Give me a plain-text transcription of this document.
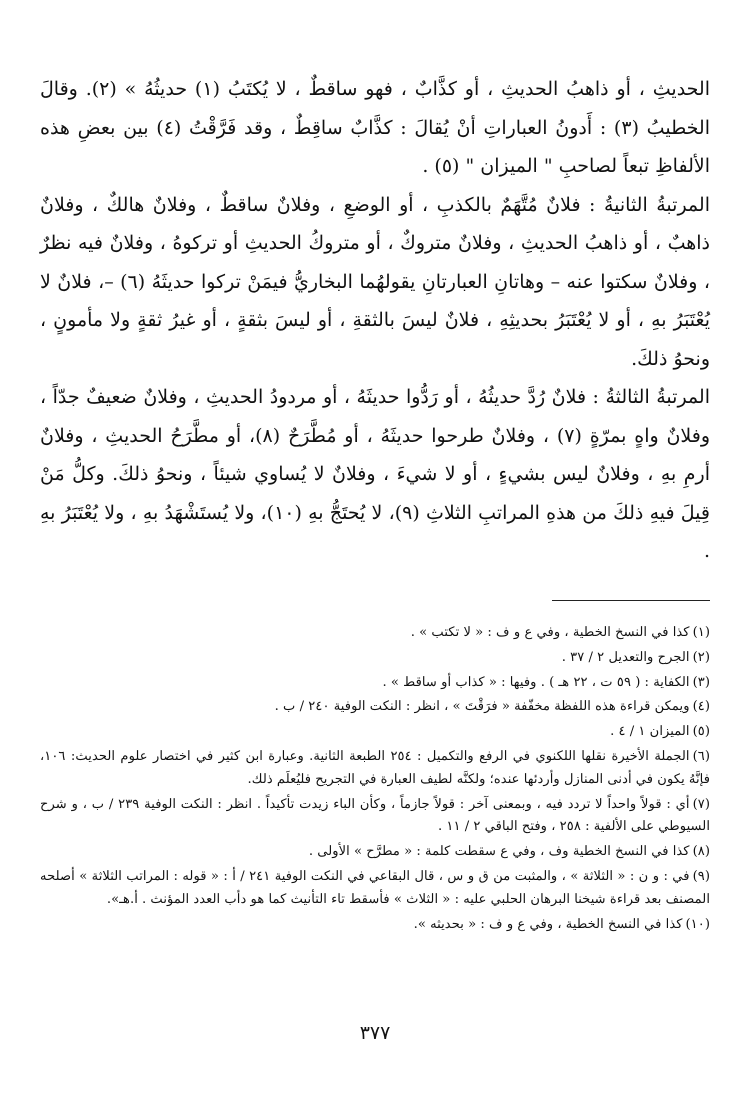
الحديثِ ، أو ذاهبُ الحديثِ ، أو كذَّابٌ ، فهو ساقطٌ ، لا يُكتَبُ (١) حديثُهُ » (٢). وقالَ الخطيبُ (٣) : أَدونُ العباراتِ أنْ يُقالَ : كذَّابٌ ساقِطٌ ، وقد فَرَّقْتُ (٤) بين بعضِ هذه الألفاظِ تبعاً لصاحبِ " الميزان " (٥) .

المرتبةُ الثانيةُ : فلانٌ مُتَّهَمٌ بالكذبِ ، أو الوضعِ ، وفلانٌ ساقطٌ ، وفلانٌ هالكٌ ، وفلانٌ ذاهبٌ ، أو ذاهبُ الحديثِ ، وفلانٌ متروكٌ ، أو متروكُ الحديثِ أو تركوهُ ، وفلانٌ فيه نظرٌ ، وفلانٌ سكتوا عنه – وهاتانِ العبارتانِ يقولهُما البخاريُّ فيمَنْ تركوا حديثَهُ (٦) –، فلانٌ لا يُعْتَبَرُ بهِ ، أو لا يُعْتَبَرُ بحديثِهِ ، فلانٌ ليسَ بالثقةِ ، أو ليسَ بثقةٍ ، أو غيرُ ثقةٍ ولا مأمونٍ ، ونحوُ ذلكَ.

المرتبةُ الثالثةُ : فلانٌ رُدَّ حديثُهُ ، أو رَدُّوا حديثَهُ ، أو مردودُ الحديثِ ، وفلانٌ ضعيفٌ جدّاً ، وفلانٌ واهٍ بمرّةٍ (٧) ، وفلانٌ طرحوا حديثَهُ ، أو مُطَّرَحٌ (٨)، أو مطَّرَحُ الحديثِ ، وفلانٌ أرمِ بهِ ، وفلانٌ ليس بشيءٍ ، أو لا شيءَ ، وفلانٌ لا يُساوي شيئاً ، ونحوُ ذلكَ. وكلُّ مَنْ قِيلَ فيهِ ذلكَ من هذهِ المراتبِ الثلاثِ (٩)، لا يُحتَجُّ بهِ (١٠)، ولا يُستَشْهَدُ بهِ ، ولا يُعْتَبَرُ بهِ .

(١)كذا في النسخ الخطية ، وفي ع و ف : « لا تكتب » .

(٢)الجرح والتعديل ٢ / ٣٧ .

(٣)الكفاية : ( ٥٩ ت ، ٢٢ هـ ) . وفيها : « كذاب أو ساقط » .

(٤)ويمكن قراءة هذه اللفظة مخفّفة « فرَقْتَ » ، انظر : النكت الوفية ٢٤٠ / ب .

(٥)الميزان ١ / ٤ .

(٦)الجملة الأخيرة نقلها اللكنوي في الرفع والتكميل : ٢٥٤ الطبعة الثانية. وعبارة ابن كثير في اختصار علوم الحديث: ١٠٦، فإنَّهُ يكون في أدنى المنازل وأردئها عنده؛ ولكنَّه لطيف العبارة في التجريح فليُعلَم ذلك.

(٧)أي : قولاً واحداً لا تردد فيه ، وبمعنى آخر : قولاً جازماً ، وكأن الباء زيدت تأكيداً . انظر : النكت الوفية ٢٣٩ / ب ، و شرح السيوطي على الألفية : ٢٥٨ ، وفتح الباقي ٢ / ١١ .

(٨)كذا في النسخ الخطية وف ، وفي ع سقطت كلمة : « مطرَّح » الأولى .

(٩)في : و ن : « الثلاثة » ، والمثبت من ق و س ، قال البقاعي في النكت الوفية ٢٤١ / أ : « قوله : المراتب الثلاثة » أصلحه المصنف بعد قراءة شيخنا البرهان الحلبي عليه : « الثلاث » فأسقط تاء التأنيث كما هو دأب العدد المؤنث . أ.هـ».

(١٠)كذا في النسخ الخطية ، وفي ع و ف : « بحديثه ».

٣٧٧
